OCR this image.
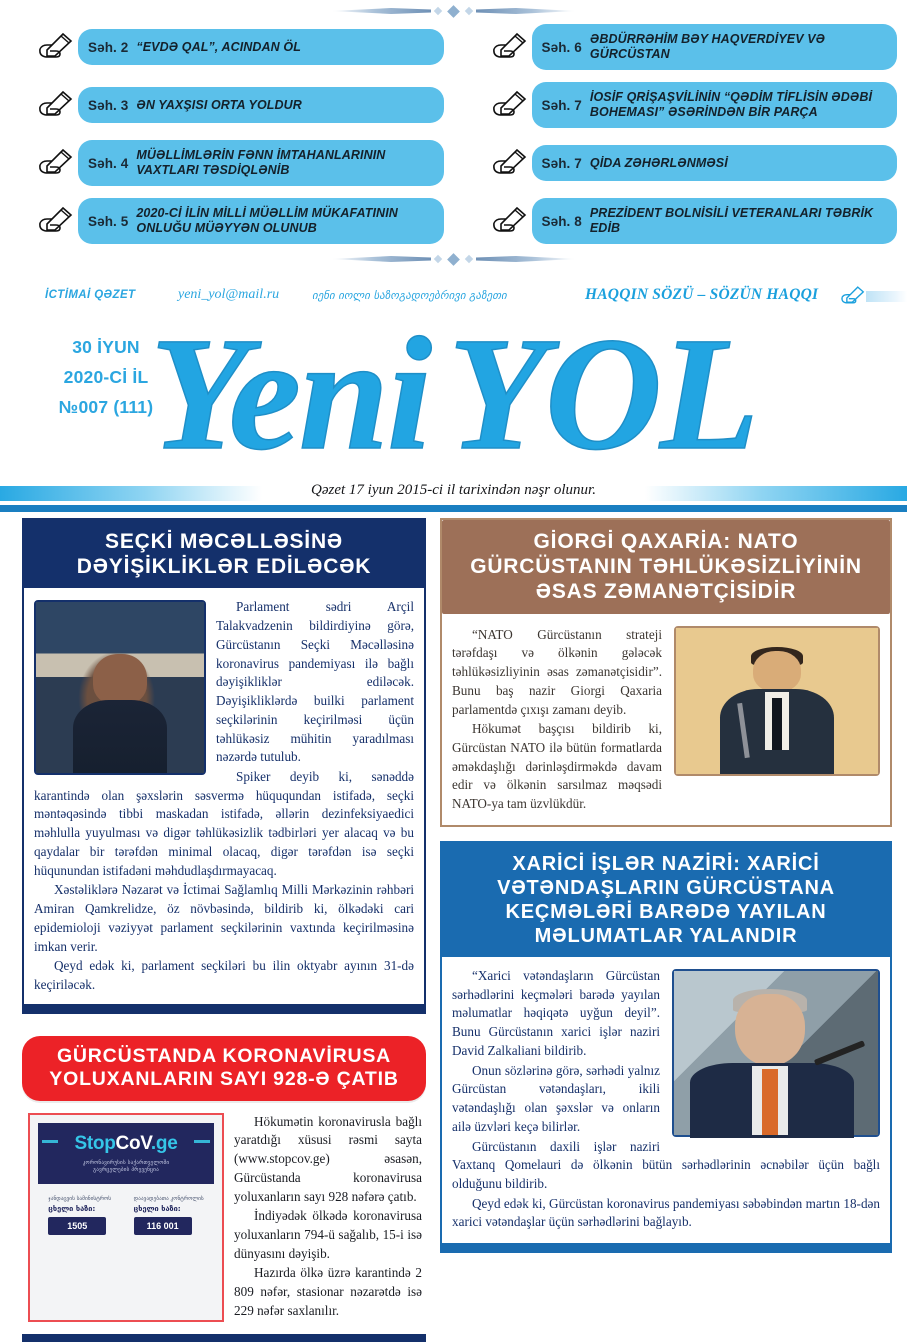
Səh. 2 “EVDƏ QAL”, ACINDAN ÖL
Səh. 3 ƏN YAXŞISI ORTA YOLDUR
Səh. 4
MÜƏLLİMLƏRİN FƏNN İMTAHANLARININ VAXTLARI TƏSDİQLƏNİB
Səh. 5
2020-Cİ İLİN MİLLİ MÜƏLLİM MÜKAFATININ ONLUĞU MÜƏYYƏN OLUNUB
Səh. 6
ƏBDÜRRƏHİM BƏY HAQVERDİYEV VƏ GÜRCÜSTAN
Səh. 7
İOSİF QRİŞAŞVİLİNİN “QƏDİM TİFLİSİN ƏDƏBİ BOHEMASI” ƏSƏRİNDƏN BİR PARÇA
Səh. 7 QİDA ZƏHƏRLƏNMƏSİ
Səh. 8
PREZİDENT BOLNİSİLİ VETERANLARI TƏBRİK EDİB
İCTİMAİ QƏZET	yeni_yol@mail.ru	იენი იოლი საზოგადოებრივი გაზეთი	HAQQIN SÖZÜ – SÖZÜN HAQQI
30 İYUN
2020-Cİ İL
№007 (111)
Yeni YOL
Qəzet 17 iyun 2015-ci il tarixindən nəşr olunur.
SEÇKİ MƏCƏLLƏSİNƏ DƏYİŞİKLİKLƏR EDİLƏCƏK

Parlament sədri Arçil Talakvadzenin bildirdiyinə görə, Gürcüstanın Seçki Məcəlləsinə koronavirus pandemiyası ilə bağlı dəyişikliklər ediləcək. Dəyişikliklərdə builki parlament seçkilərinin keçirilməsi üçün təhlükəsiz mühitin yaradılması nəzərdə tutulub.

Spiker deyib ki, sənəddə karantində olan şəxslərin səsvermə hüququndan istifadə, seçki məntəqəsində tibbi maskadan istifadə, əllərin dezinfeksiyaedici məhlulla yuyulması və digər təhlükəsizlik tədbirləri yer alacaq və bu qaydalar bir tərəfdən minimal olacaq, digər tərəfdən isə seçki hüqunundan istifadəni məhdudlaşdırmayacaq.

Xəstəliklərə Nəzarət və İctimai Sağlamlıq Milli Mərkəzinin rəhbəri Amiran Qamkrelidze, öz növbəsində, bildirib ki, ölkədəki cari epidemioloji vəziyyət parlament seçkilərinin vaxtında keçirilməsinə imkan verir.

Qeyd edək ki, parlament seçkiləri bu ilin oktyabr ayının 31-də keçiriləcək.

GÜRCÜSTANDA KORONAVİRUSA YOLUXANLARIN SAYI 928-Ə ÇATIB
StopCoV.ge
კორონავირუსის საქართველოში
გავრცელების პრევენცია
ჯანდაცვის სამინისტროს
ცხელი ხაზი:
1505
დაავადებათა კონტროლის
ცხელი ხაზი:
116 001

Hökumətin koronavirusla bağlı yaratdığı xüsusi rəsmi sayta (www.stopcov.ge) əsasən, Gürcüstanda koronavirusa yoluxanların sayı 928 nəfərə çatıb.

İndiyədək ölkədə koronavirusa yoluxanların 794-ü sağalıb, 15-i isə dünyasını dəyişib.

Hazırda ölkə üzrə karantində 2 809 nəfər, stasionar nəzarətdə isə 229 nəfər saxlanılır.

GİORGİ QAXARİA: NATO GÜRCÜSTANIN TƏHLÜKƏSİZLİYİNİN ƏSAS ZƏMANƏTÇİSİDİR

“NATO Gürcüstanın strateji tərəfdaşı və ölkənin gələcək təhlükəsizliyinin əsas zəmanətçisidir”. Bunu baş nazir Giorgi Qaxaria parlamentdə çıxışı zamanı deyib.

Hökumət başçısı bildirib ki, Gürcüstan NATO ilə bütün formatlarda əməkdaşlığı dərinləşdirməkdə davam edir və ölkənin sarsılmaz məqsədi NATO-ya tam üzvlükdür.

XARİCİ İŞLƏR NAZİRİ: XARİCİ VƏTƏNDAŞLARIN GÜRCÜSTANA KEÇMƏLƏRİ BARƏDƏ YAYILAN MƏLUMATLAR YALANDIR

“Xarici vətəndaşların Gürcüstan sərhədlərini keçmələri barədə yayılan məlumatlar həqiqətə uyğun deyil”. Bunu Gürcüstanın xarici işlər naziri David Zalkaliani bildirib.

Onun sözlərinə görə, sərhədi yalnız Gürcüstan vətəndaşları, ikili vətəndaşlığı olan şəxslər və onların ailə üzvləri keçə bilirlər.

Gürcüstanın daxili işlər naziri Vaxtanq Qomelauri də ölkənin bütün sərhədlərinin əcnəbilər üçün bağlı olduğunu bildirib.

Qeyd edək ki, Gürcüstan koronavirus pandemiyası səbəbindən martın 18-dən xarici vətəndaşlar üçün sərhədlərini bağlayıb.
